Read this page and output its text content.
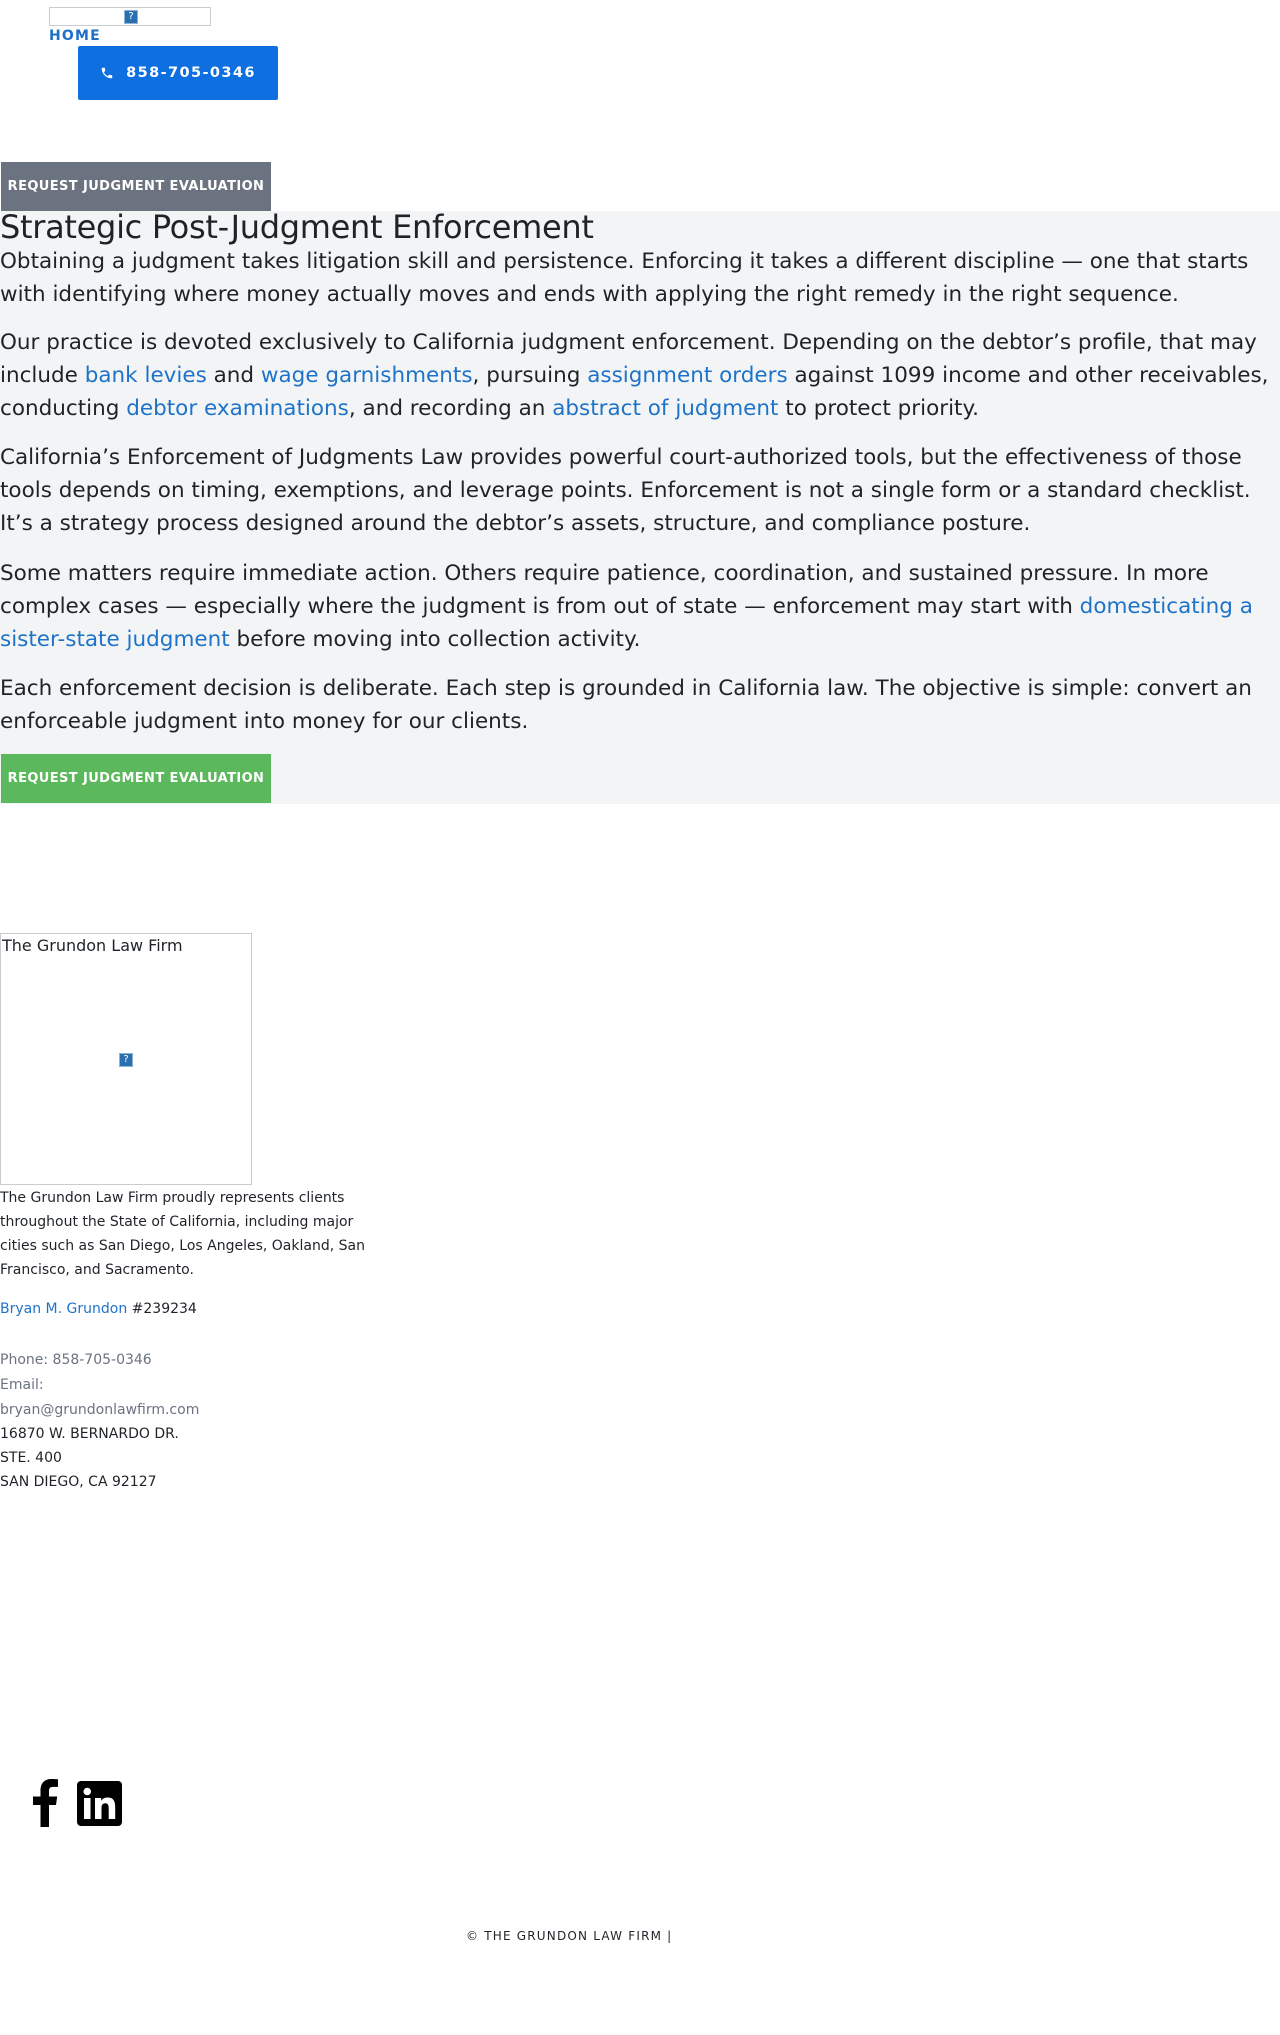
?
HOME
858-705-0346
REQUEST JUDGMENT EVALUATION
Strategic Post-Judgment Enforcement

Obtaining a judgment takes litigation skill and persistence. Enforcing it takes a different discipline — one that starts with identifying where money actually moves and ends with applying the right remedy in the right sequence.

Our practice is devoted exclusively to California judgment enforcement. Depending on the debtor’s profile, that may include bank levies and wage garnishments, pursuing assignment orders against 1099 income and other receivables, conducting debtor examinations, and recording an abstract of judgment to protect priority.

California’s Enforcement of Judgments Law provides powerful court-authorized tools, but the effectiveness of those tools depends on timing, exemptions, and leverage points. Enforcement is not a single form or a standard checklist. It’s a strategy process designed around the debtor’s assets, structure, and compliance posture.

Some matters require immediate action. Others require patience, coordination, and sustained pressure. In more complex cases — especially where the judgment is from out of state — enforcement may start with domesticating a sister-state judgment before moving into collection activity.

Each enforcement decision is deliberate. Each step is grounded in California law. The objective is simple: convert an enforceable judgment into money for our clients.

REQUEST JUDGMENT EVALUATION
The Grundon Law Firm
?

The Grundon Law Firm proudly represents clients throughout the State of California, including major cities such as San Diego, Los Angeles, Oakland, San Francisco, and Sacramento.

Bryan M. Grundon #239234
Phone: 858-705-0346
Email:
bryan@grundonlawfirm.com
16870 W. BERNARDO DR.
STE. 400
SAN DIEGO, CA 92127
© THE GRUNDON LAW FIRM |
